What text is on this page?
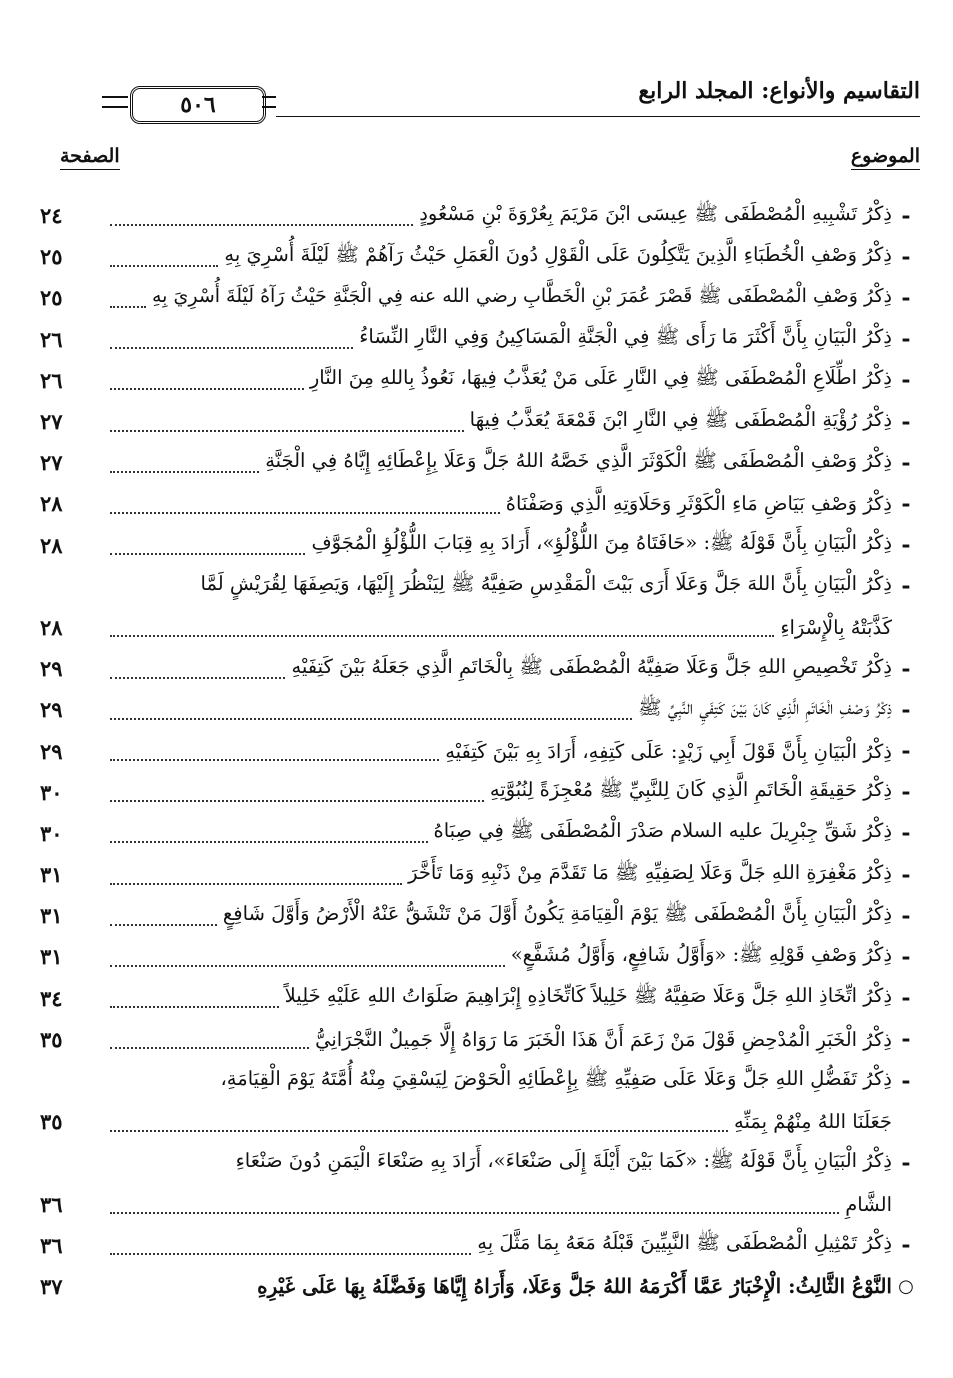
٥٠٦
التقاسيم والأنواع: المجلد الرابع
الموضوع
الصفحة
-
ذِكْرُ تَشْبِيهِ الْمُصْطَفَى ﷺ عِيسَى ابْنَ مَرْيَمَ بِعُرْوَةَ بْنِ مَسْعُودٍ
٢٤
-
ذِكْرُ وَصْفِ الْخُطَبَاءِ الَّذِينَ يَتَّكِلُونَ عَلَى الْقَوْلِ دُونَ الْعَمَلِ حَيْثُ رَآهُمْ ﷺ لَيْلَةَ أُسْرِيَ بِهِ
٢٥
-
ذِكْرُ وَصْفِ الْمُصْطَفَى ﷺ قَصْرَ عُمَرَ بْنِ الْخَطَّابِ رضي الله عنه فِي الْجَنَّةِ حَيْثُ رَآهُ لَيْلَةَ أُسْرِيَ بِهِ
٢٥
-
ذِكْرُ الْبَيَانِ بِأَنَّ أَكْثَرَ مَا رَأَى ﷺ فِي الْجَنَّةِ الْمَسَاكِينُ وَفِي النَّارِ النِّسَاءُ
٢٦
-
ذِكْرُ اطِّلَاعِ الْمُصْطَفَى ﷺ فِي النَّارِ عَلَى مَنْ يُعَذَّبُ فِيهَا، نَعُوذُ بِاللهِ مِنَ النَّارِ
٢٦
-
ذِكْرُ رُؤْيَةِ الْمُصْطَفَى ﷺ فِي النَّارِ ابْنَ قَمْعَةَ يُعَذَّبُ فِيهَا
٢٧
-
ذِكْرُ وَصْفِ الْمُصْطَفَى ﷺ الْكَوْثَرَ الَّذِي خَصَّهُ اللهُ جَلَّ وَعَلَا بِإِعْطَائِهِ إِيَّاهُ فِي الْجَنَّةِ
٢٧
-
ذِكْرُ وَصْفِ بَيَاضِ مَاءِ الْكَوْثَرِ وَحَلَاوَتِهِ الَّذِي وَصَفْنَاهُ
٢٨
-
ذِكْرُ الْبَيَانِ بِأَنَّ قَوْلَهُ ﷺ: «حَافَتَاهُ مِنَ اللُّؤْلُؤِ»، أَرَادَ بِهِ قِبَابَ اللُّؤْلُؤِ الْمُجَوَّفِ
٢٨
-
ذِكْرُ الْبَيَانِ بِأَنَّ اللهَ جَلَّ وَعَلَا أَرَى بَيْتَ الْمَقْدِسِ صَفِيَّهُ ﷺ لِيَنْظُرَ إِلَيْهَا، وَيَصِفَهَا لِقُرَيْشٍ لَمَّا
كَذَّبَتْهُ بِالْإِسْرَاءِ
٢٨
-
ذِكْرُ تَخْصِيصِ اللهِ جَلَّ وَعَلَا صَفِيَّهُ الْمُصْطَفَى ﷺ بِالْخَاتَمِ الَّذِي جَعَلَهُ بَيْنَ كَتِفَيْهِ
٢٩
-
ذِكْرُ وَصْفِ الْخَاتَمِ الَّذِي كَانَ بَيْنَ كَتِفَيِ النَّبِيِّ ﷺ
٢٩
-
ذِكْرُ الْبَيَانِ بِأَنَّ قَوْلَ أَبِي زَيْدٍ: عَلَى كَتِفِهِ، أَرَادَ بِهِ بَيْنَ كَتِفَيْهِ
٢٩
-
ذِكْرُ حَقِيقَةِ الْخَاتَمِ الَّذِي كَانَ لِلنَّبِيِّ ﷺ مُعْجِزَةً لِنُبُوَّتِهِ
٣٠
-
ذِكْرُ شَقِّ جِبْرِيلَ عليه السلام صَدْرَ الْمُصْطَفَى ﷺ فِي صِبَاهُ
٣٠
-
ذِكْرُ مَغْفِرَةِ اللهِ جَلَّ وَعَلَا لِصَفِيِّهِ ﷺ مَا تَقَدَّمَ مِنْ ذَنْبِهِ وَمَا تَأَخَّرَ
٣١
-
ذِكْرُ الْبَيَانِ بِأَنَّ الْمُصْطَفَى ﷺ يَوْمَ الْقِيَامَةِ يَكُونُ أَوَّلَ مَنْ تَنْشَقُّ عَنْهُ الْأَرْضُ وَأَوَّلَ شَافِعٍ
٣١
-
ذِكْرُ وَصْفِ قَوْلِهِ ﷺ: «وَأَوَّلُ شَافِعٍ، وَأَوَّلُ مُشَفَّعٍ»
٣١
-
ذِكْرُ اتِّخَاذِ اللهِ جَلَّ وَعَلَا صَفِيَّهُ ﷺ خَلِيلاً كَاتِّخَاذِهِ إِبْرَاهِيمَ صَلَوَاتُ اللهِ عَلَيْهِ خَلِيلاً
٣٤
-
ذِكْرُ الْخَبَرِ الْمُدْحِضِ قَوْلَ مَنْ زَعَمَ أَنَّ هَذَا الْخَبَرَ مَا رَوَاهُ إِلَّا جَمِيلٌ النَّجْرَانِيُّ
٣٥
-
ذِكْرُ تَفَضُّلِ اللهِ جَلَّ وَعَلَا عَلَى صَفِيِّهِ ﷺ بِإِعْطَائِهِ الْحَوْضَ لِيَسْقِيَ مِنْهُ أُمَّتَهُ يَوْمَ الْقِيَامَةِ،
جَعَلَنَا اللهُ مِنْهُمْ بِمَنِّهِ
٣٥
-
ذِكْرُ الْبَيَانِ بِأَنَّ قَوْلَهُ ﷺ: «كَمَا بَيْنَ أَيْلَةَ إِلَى صَنْعَاءَ»، أَرَادَ بِهِ صَنْعَاءَ الْيَمَنِ دُونَ صَنْعَاءِ
الشَّامِ
٣٦
-
ذِكْرُ تَمْثِيلِ الْمُصْطَفَى ﷺ النَّبِيِّينَ قَبْلَهُ مَعَهُ بِمَا مَثَّلَ بِهِ
٣٦
○
النَّوْعُ الثَّالِثُ: الْإِخْبَارُ عَمَّا أَكْرَمَهُ اللهُ جَلَّ وَعَلَا، وَأَرَاهُ إِيَّاهَا وَفَضَّلَهُ بِهَا عَلَى غَيْرِهِ
٣٧
